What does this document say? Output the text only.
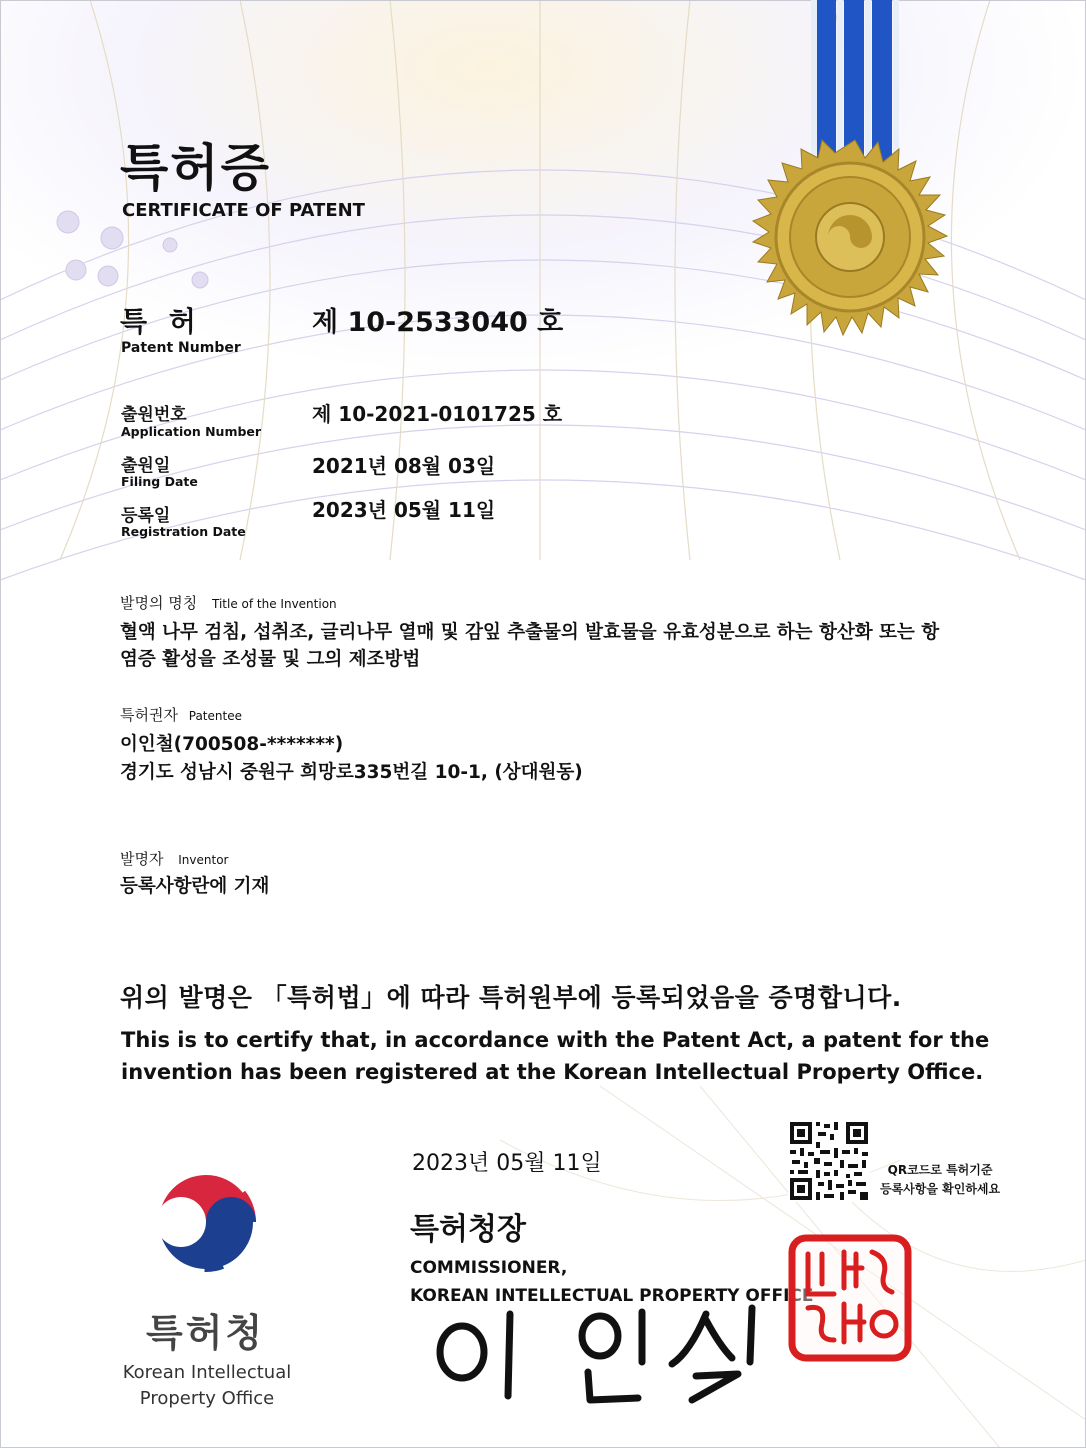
특허증
CERTIFICATE OF PATENT
특 허
Patent Number
제 10-2533040 호
출원번호
Application Number
제 10-2021-0101725 호
출원일
Filing Date
2021년 08월 03일
등록일
Registration Date
2023년 05월 11일
발명의 명칭 Title of the Invention
혈액 나무 검침, 섭취조, 글리나무 열매 및 감잎 추출물의 발효물을 유효성분으로 하는 항산화 또는 항
염증 활성을 조성물 및 그의 제조방법
특허권자 Patentee
이인철(700508-*******)
경기도 성남시 중원구 희망로335번길 10-1, (상대원동)
발명자 Inventor
등록사항란에 기재
위의 발명은 「특허법」에 따라 특허원부에 등록되었음을 증명합니다.
This is to certify that, in accordance with the Patent Act, a patent for the
invention has been registered at the Korean Intellectual Property Office.
2023년 05월 11일	QR코드로 특허기준
등록사항을 확인하세요
특허청장
COMMISSIONER,
KOREAN INTELLECTUAL PROPERTY OFFICE
특허청
Korean Intellectual Property Office
